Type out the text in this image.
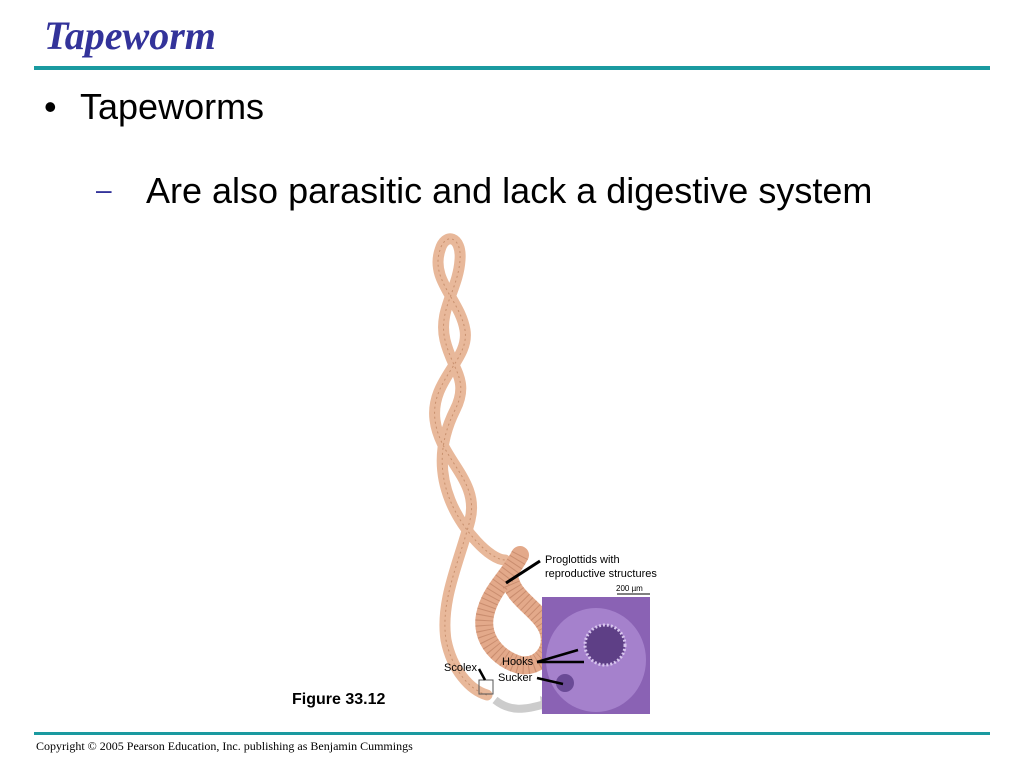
Tapeworm
• Tapeworms
– Are also parasitic and lack a digestive system
Proglottids with
reproductive structures
200 µm
Hooks
Scolex
Sucker
Figure 33.12
Copyright © 2005 Pearson Education, Inc. publishing as Benjamin Cummings
